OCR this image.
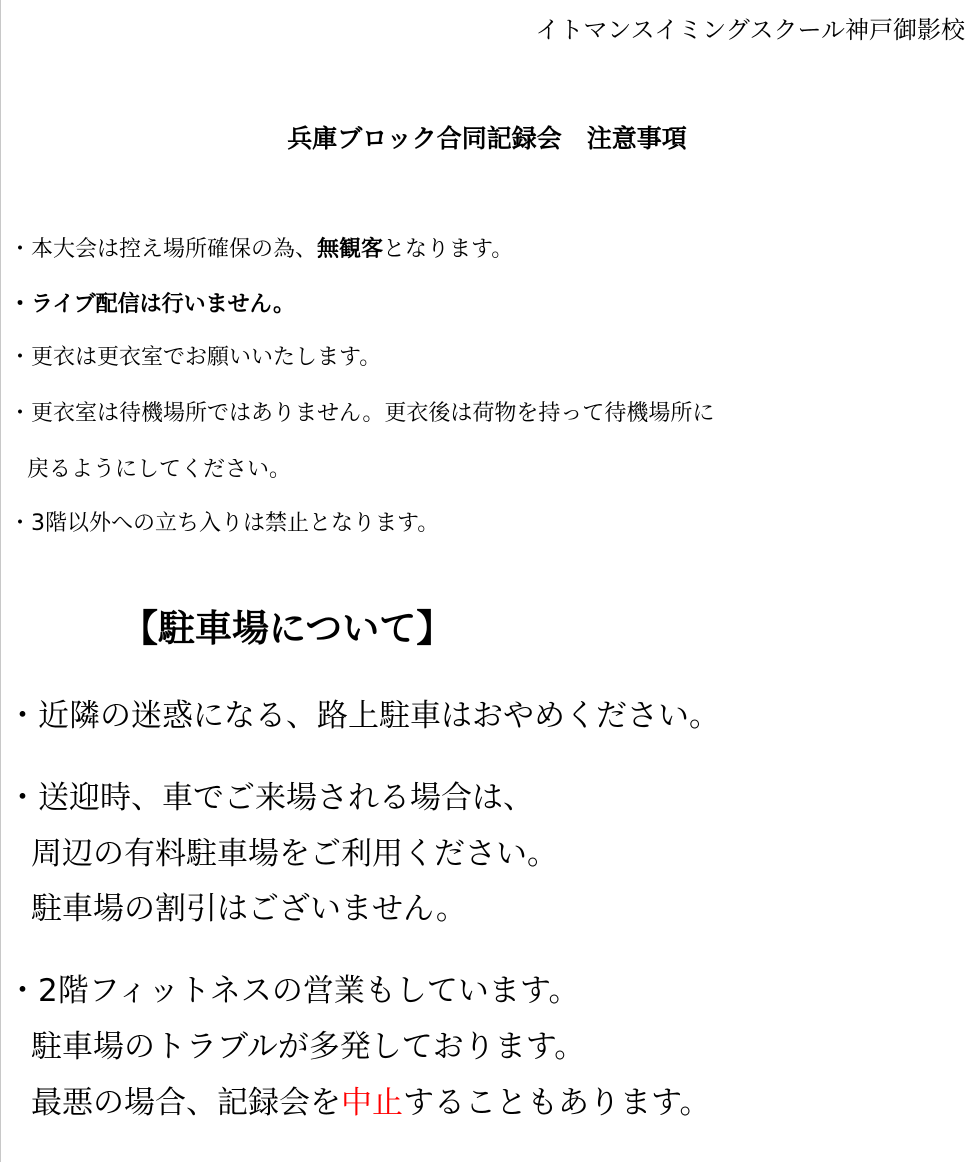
イトマンスイミングスクール神戸御影校
兵庫ブロック合同記録会　注意事項
・本大会は控え場所確保の為、無観客となります。
・ライブ配信は行いません。
・更衣は更衣室でお願いいたします。
・更衣室は待機場所ではありません。更衣後は荷物を持って待機場所に
戻るようにしてください。
・3階以外への立ち入りは禁止となります。
【駐車場について】
・近隣の迷惑になる、路上駐車はおやめください。
・送迎時、車でご来場される場合は、
周辺の有料駐車場をご利用ください。
駐車場の割引はございません。
・2階フィットネスの営業もしています。
駐車場のトラブルが多発しております。
最悪の場合、記録会を中止することもあります。
